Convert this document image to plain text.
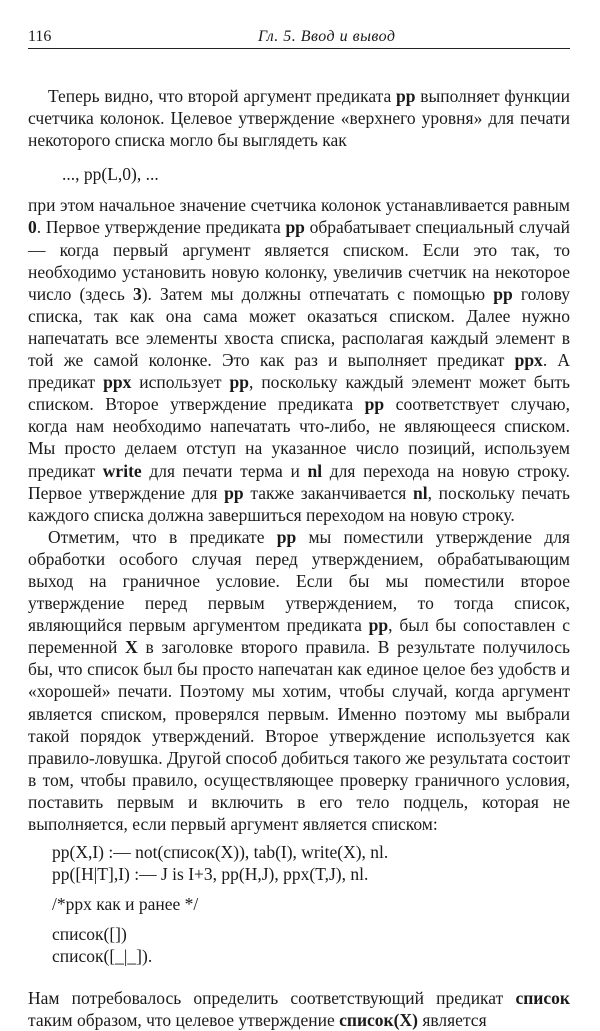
116	Гл. 5. Ввод и вывод

Теперь видно, что второй аргумент предиката pp выполняет функции счетчика колонок. Целевое утверждение «верхнего уровня» для печати некоторого списка могло бы выглядеть как

..., pp(L,0), ...

при этом начальное значение счетчика колонок устанавливается равным 0. Первое утверждение предиката pp обрабатывает специальный случай — когда первый аргумент является списком. Если это так, то необходимо установить новую колонку, увеличив счетчик на некоторое число (здесь 3). Затем мы должны отпечатать с помощью pp голову списка, так как она сама может оказаться списком. Далее нужно напечатать все элементы хвоста списка, располагая каждый элемент в той же самой колонке. Это как раз и выполняет предикат ppx. А предикат ppx использует pp, поскольку каждый элемент может быть списком. Второе утверждение предиката pp соответствует случаю, когда нам необходимо напечатать что-либо, не являющееся списком. Мы просто делаем отступ на указанное число позиций, используем предикат write для печати терма и nl для перехода на новую строку. Первое утверждение для pp также заканчивается nl, поскольку печать каждого списка должна завершиться переходом на новую строку.

Отметим, что в предикате pp мы поместили утверждение для обработки особого случая перед утверждением, обрабатывающим выход на граничное условие. Если бы мы поместили второе утверждение перед первым утверждением, то тогда список, являющийся первым аргументом предиката pp, был бы сопоставлен с переменной X в заголовке второго правила. В результате получилось бы, что список был бы просто напечатан как единое целое без удобств и «хорошей» печати. Поэтому мы хотим, чтобы случай, когда аргумент является списком, проверялся первым. Именно поэтому мы выбрали такой порядок утверждений. Второе утверждение используется как правило-ловушка. Другой способ добиться такого же результата состоит в том, чтобы правило, осуществляющее проверку граничного условия, поставить первым и включить в его тело подцель, которая не выполняется, если первый аргумент является списком:

pp(X,I) :— not(список(X)), tab(I), write(X), nl.
pp([H|T],I) :— J is I+3, pp(H,J), ppx(T,J), nl.
/*ppx как и ранее */
список([])
список([_|_]).

Нам потребовалось определить соответствующий предикат список таким образом, что целевое утверждение список(X) является
